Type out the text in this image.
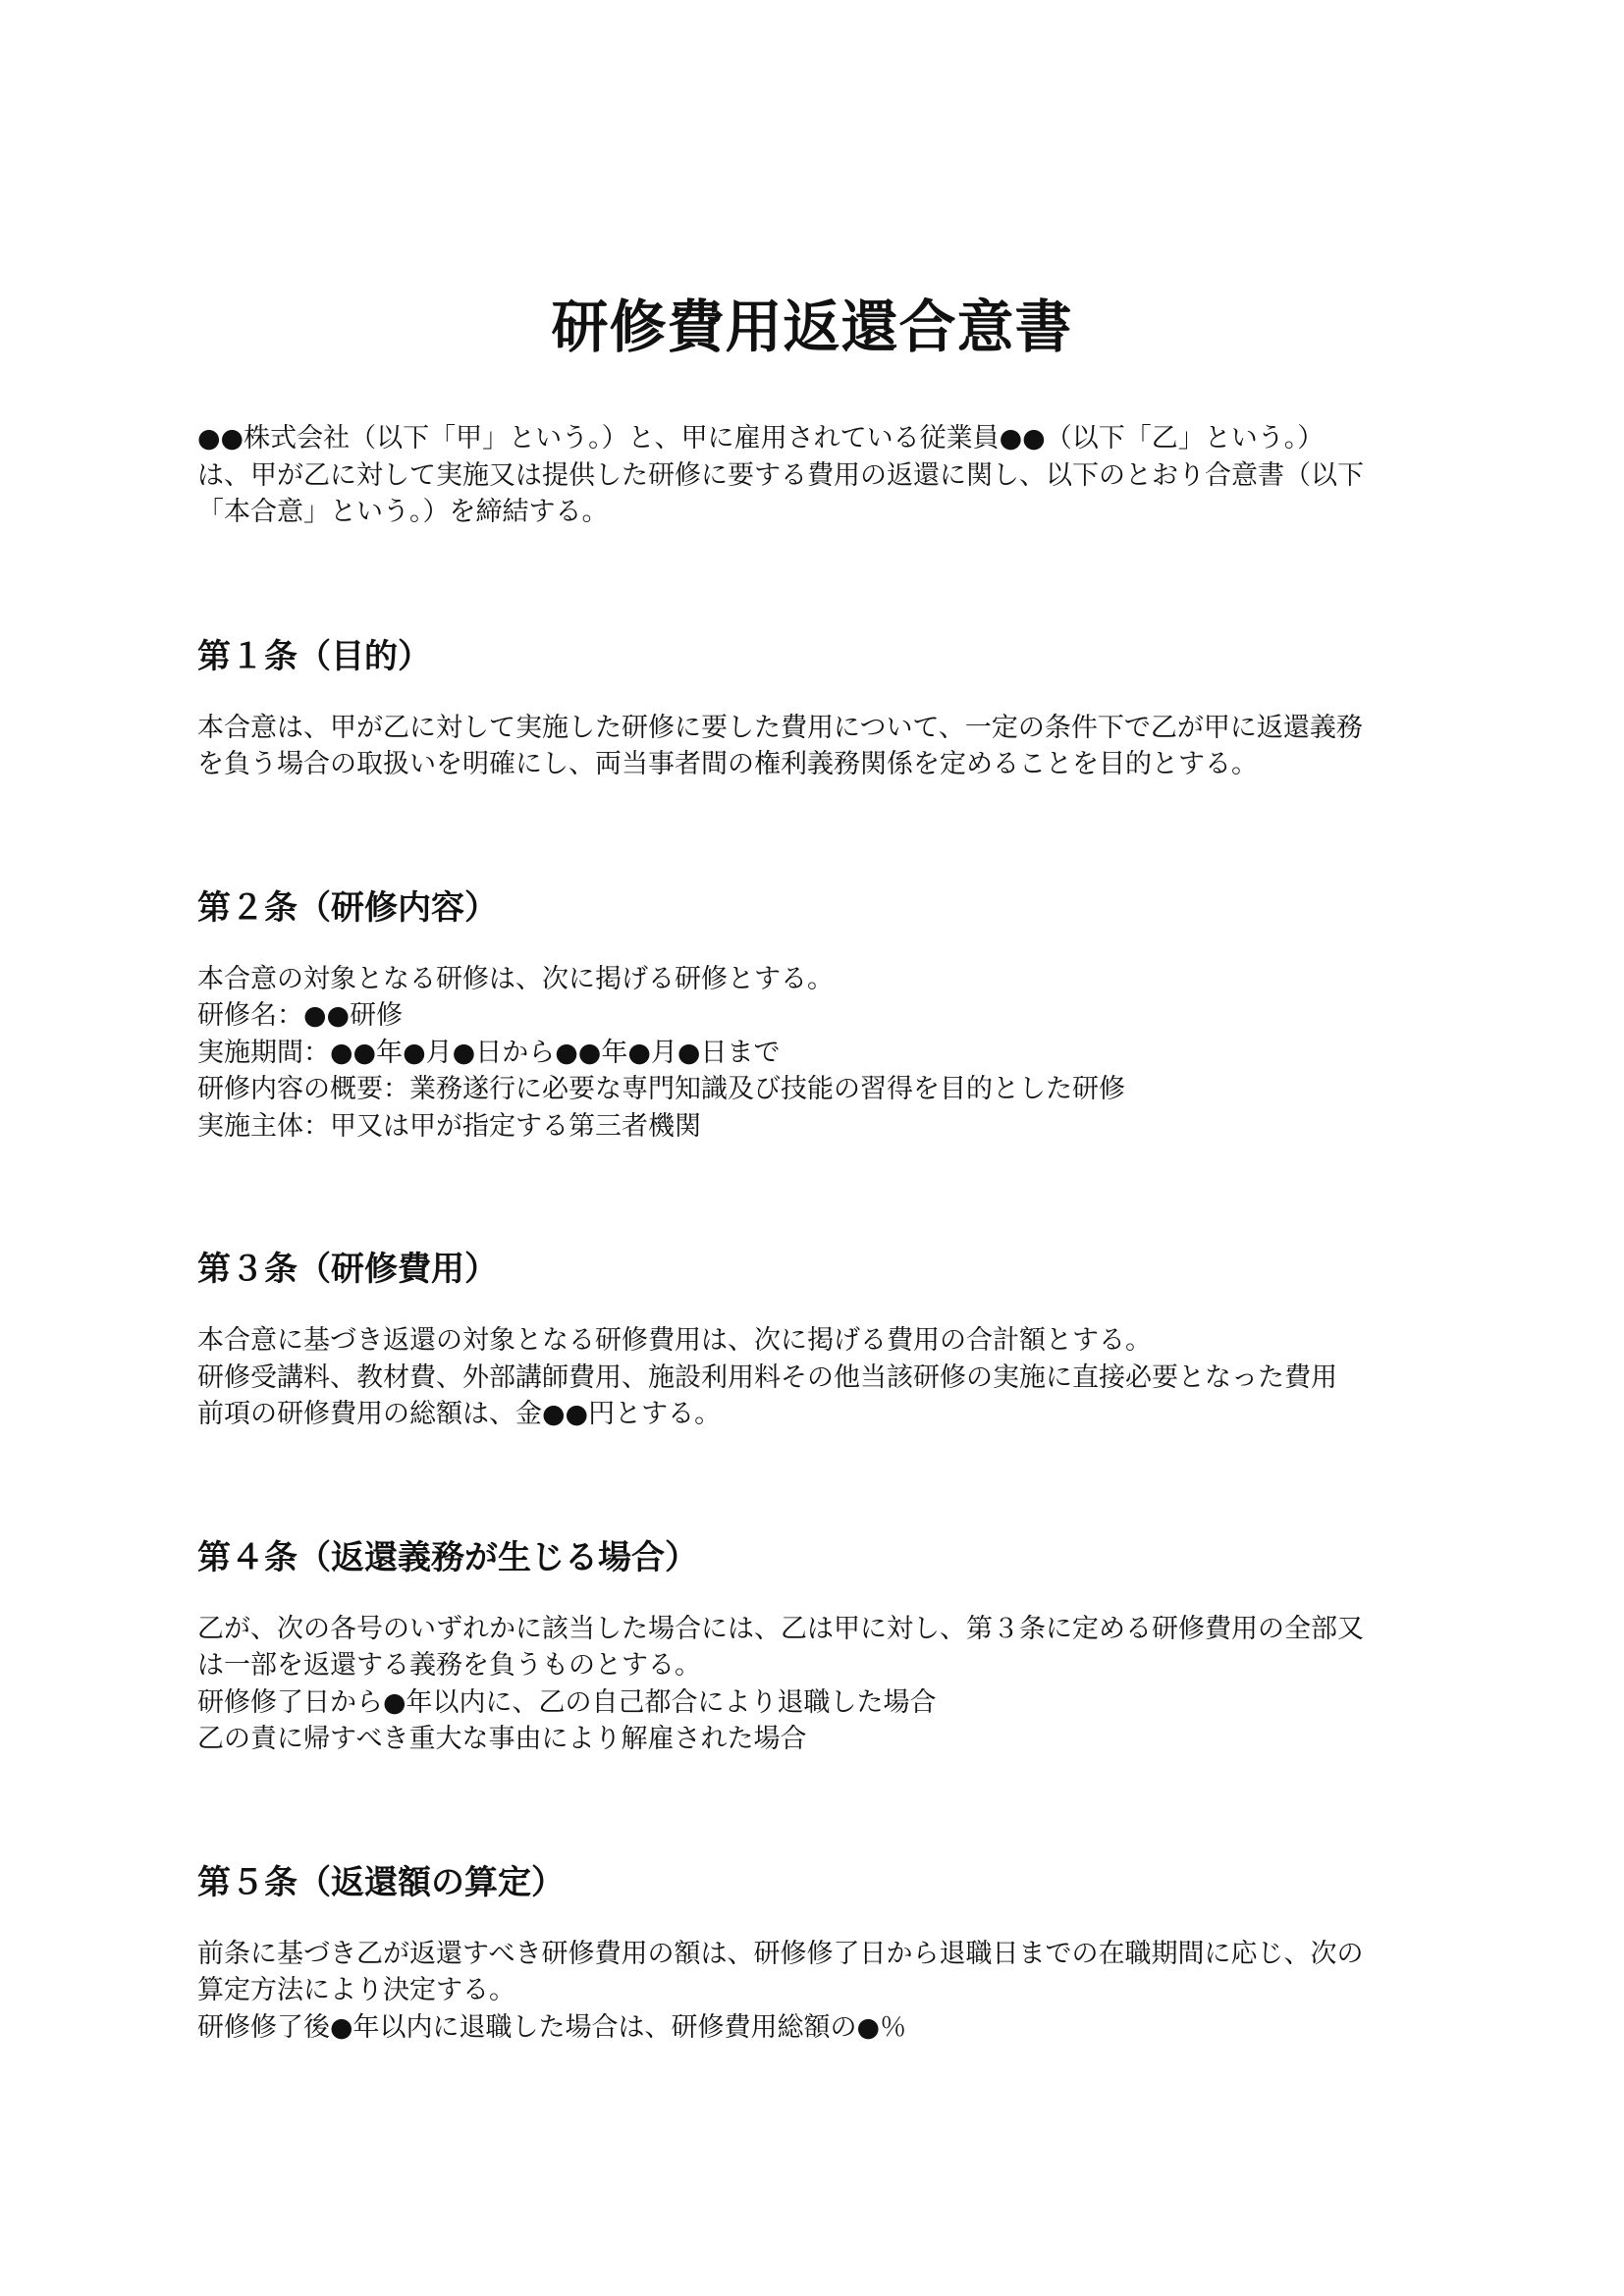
研修費用返還合意書

●●株式会社（以下「甲」という。）と、甲に雇用されている従業員●●（以下「乙」という。）

は、甲が乙に対して実施又は提供した研修に要する費用の返還に関し、以下のとおり合意書（以下

「本合意」という。）を締結する。

第１条（目的）

本合意は、甲が乙に対して実施した研修に要した費用について、一定の条件下で乙が甲に返還義務

を負う場合の取扱いを明確にし、両当事者間の権利義務関係を定めることを目的とする。

第２条（研修内容）

本合意の対象となる研修は、次に掲げる研修とする。

研修名：●●研修

実施期間：●●年●月●日から●●年●月●日まで

研修内容の概要：業務遂行に必要な専門知識及び技能の習得を目的とした研修

実施主体：甲又は甲が指定する第三者機関

第３条（研修費用）

本合意に基づき返還の対象となる研修費用は、次に掲げる費用の合計額とする。

研修受講料、教材費、外部講師費用、施設利用料その他当該研修の実施に直接必要となった費用

前項の研修費用の総額は、金●●円とする。

第４条（返還義務が生じる場合）

乙が、次の各号のいずれかに該当した場合には、乙は甲に対し、第３条に定める研修費用の全部又

は一部を返還する義務を負うものとする。

研修修了日から●年以内に、乙の自己都合により退職した場合

乙の責に帰すべき重大な事由により解雇された場合

第５条（返還額の算定）

前条に基づき乙が返還すべき研修費用の額は、研修修了日から退職日までの在職期間に応じ、次の

算定方法により決定する。

研修修了後●年以内に退職した場合は、研修費用総額の●％
